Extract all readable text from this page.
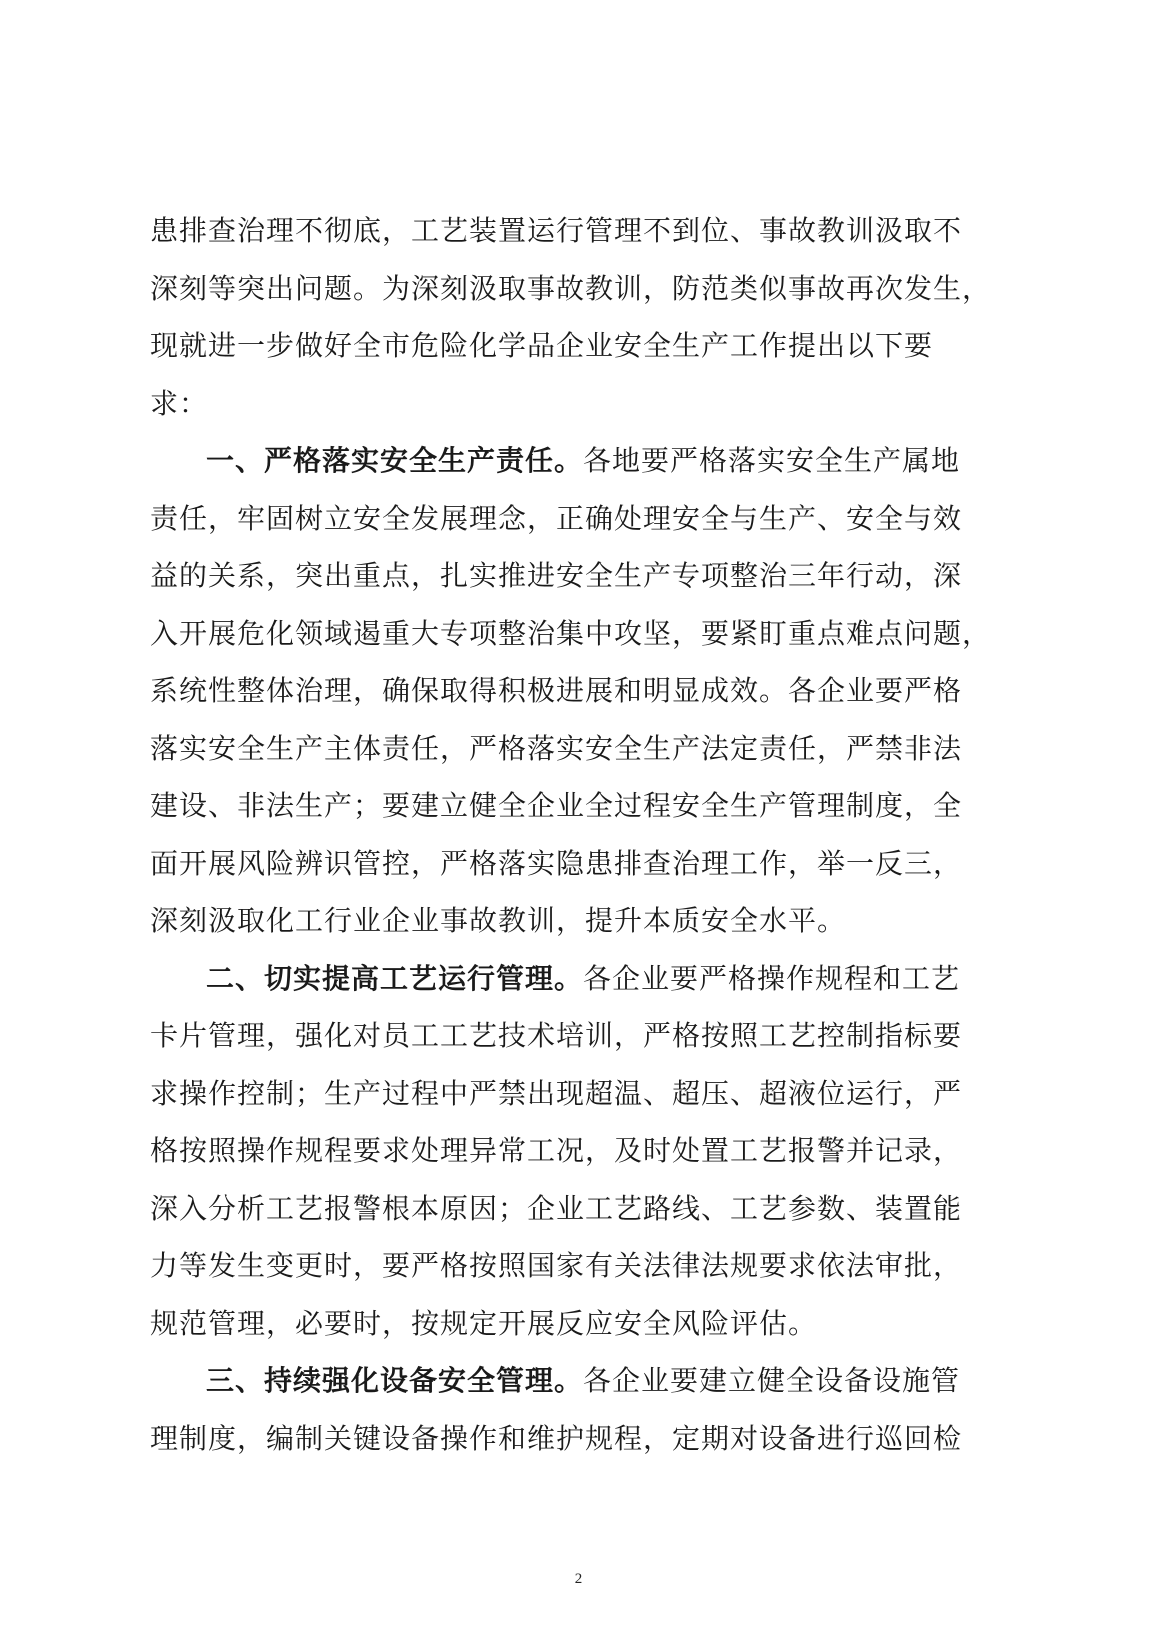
患排查治理不彻底，工艺装置运行管理不到位、事故教训汲取不
深刻等突出问题。为深刻汲取事故教训，防范类似事故再次发生，
现就进一步做好全市危险化学品企业安全生产工作提出以下要
求：
一、严格落实安全生产责任。各地要严格落实安全生产属地
责任，牢固树立安全发展理念，正确处理安全与生产、安全与效
益的关系，突出重点，扎实推进安全生产专项整治三年行动，深
入开展危化领域遏重大专项整治集中攻坚，要紧盯重点难点问题，
系统性整体治理，确保取得积极进展和明显成效。各企业要严格
落实安全生产主体责任，严格落实安全生产法定责任，严禁非法
建设、非法生产；要建立健全企业全过程安全生产管理制度，全
面开展风险辨识管控，严格落实隐患排查治理工作，举一反三，
深刻汲取化工行业企业事故教训，提升本质安全水平。
二、切实提高工艺运行管理。各企业要严格操作规程和工艺
卡片管理，强化对员工工艺技术培训，严格按照工艺控制指标要
求操作控制；生产过程中严禁出现超温、超压、超液位运行，严
格按照操作规程要求处理异常工况，及时处置工艺报警并记录，
深入分析工艺报警根本原因；企业工艺路线、工艺参数、装置能
力等发生变更时，要严格按照国家有关法律法规要求依法审批，
规范管理，必要时，按规定开展反应安全风险评估。
三、持续强化设备安全管理。各企业要建立健全设备设施管
理制度，编制关键设备操作和维护规程，定期对设备进行巡回检
2
